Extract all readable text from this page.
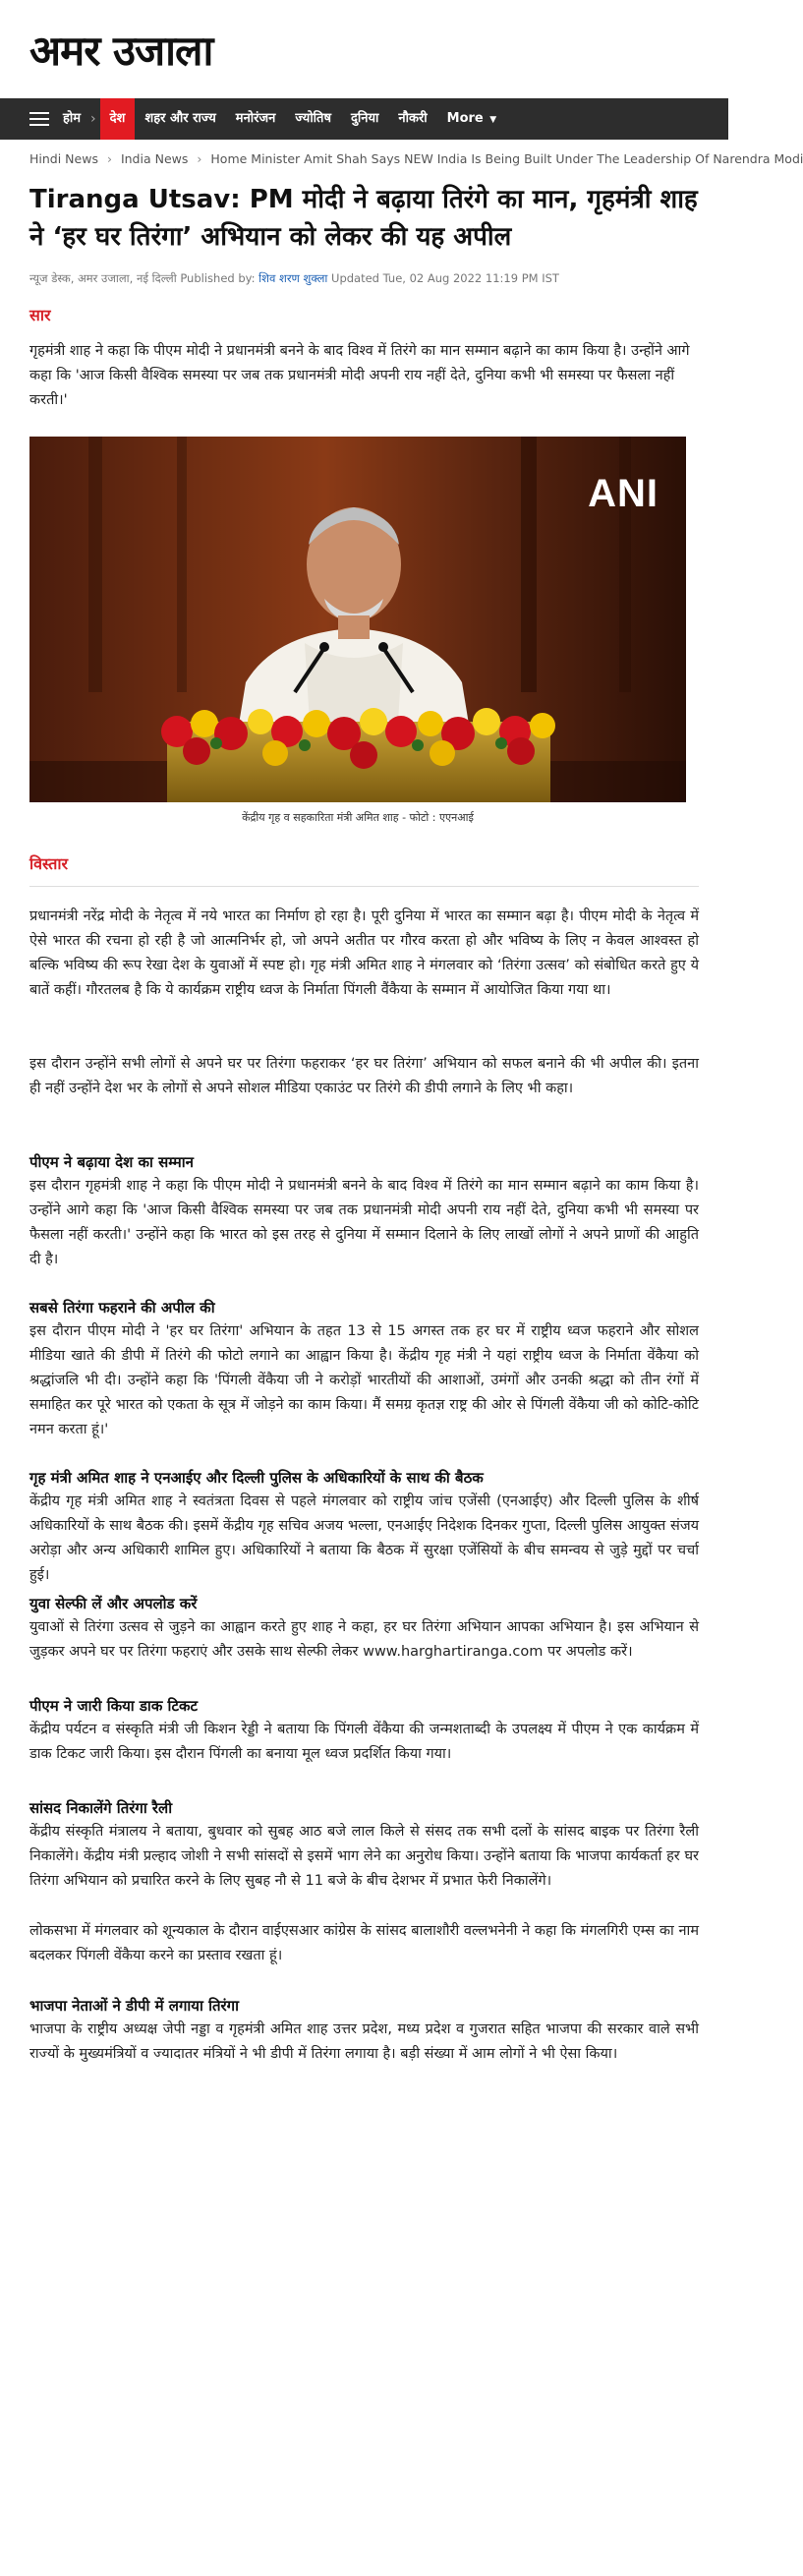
अमर उजाला
होम ›	देश	शहर और राज्य	मनोरंजन	ज्योतिष	दुनिया	नौकरी	More ▼
Hindi News › India News › Home Minister Amit Shah Says NEW India Is Being Built Under The Leadership Of Narendra Modi
Tiranga Utsav: PM मोदी ने बढ़ाया तिरंगे का मान, गृहमंत्री शाह ने ‘हर घर तिरंगा’ अभियान को लेकर की यह अपील
न्यूज डेस्क, अमर उजाला, नई दिल्ली Published by: शिव शरण शुक्ला Updated Tue, 02 Aug 2022 11:19 PM IST
सार

गृहमंत्री शाह ने कहा कि पीएम मोदी ने प्रधानमंत्री बनने के बाद विश्व में तिरंगे का मान सम्मान बढ़ाने का काम किया है। उन्होंने आगे कहा कि 'आज किसी वैश्विक समस्या पर जब तक प्रधानमंत्री मोदी अपनी राय नहीं देते, दुनिया कभी भी समस्या पर फैसला नहीं करती।'

ANI
केंद्रीय गृह व सहकारिता मंत्री अमित शाह - फोटो : एएनआई
विस्तार

प्रधानमंत्री नरेंद्र मोदी के नेतृत्व में नये भारत का निर्माण हो रहा है। पूरी दुनिया में भारत का सम्मान बढ़ा है। पीएम मोदी के नेतृत्व में ऐसे भारत की रचना हो रही है जो आत्मनिर्भर हो, जो अपने अतीत पर गौरव करता हो और भविष्य के लिए न केवल आश्वस्त हो बल्कि भविष्य की रूप रेखा देश के युवाओं में स्पष्ट हो। गृह मंत्री अमित शाह ने मंगलवार को ‘तिरंगा उत्सव’ को संबोधित करते हुए ये बातें कहीं। गौरतलब है कि ये कार्यक्रम राष्ट्रीय ध्वज के निर्माता पिंगली वैंकैया के सम्मान में आयोजित किया गया था।

इस दौरान उन्होंने सभी लोगों से अपने घर पर तिरंगा फहराकर ‘हर घर तिरंगा’ अभियान को सफल बनाने की भी अपील की। इतना ही नहीं उन्होंने देश भर के लोगों से अपने सोशल मीडिया एकाउंट पर तिरंगे की डीपी लगाने के लिए भी कहा।

पीएम ने बढ़ाया देश का सम्मान

इस दौरान गृहमंत्री शाह ने कहा कि पीएम मोदी ने प्रधानमंत्री बनने के बाद विश्व में तिरंगे का मान सम्मान बढ़ाने का काम किया है। उन्होंने आगे कहा कि 'आज किसी वैश्विक समस्या पर जब तक प्रधानमंत्री मोदी अपनी राय नहीं देते, दुनिया कभी भी समस्या पर फैसला नहीं करती।' उन्होंने कहा कि भारत को इस तरह से दुनिया में सम्मान दिलाने के लिए लाखों लोगों ने अपने प्राणों की आहुति दी है।

सबसे तिरंगा फहराने की अपील की

इस दौरान पीएम मोदी ने 'हर घर तिरंगा' अभियान के तहत 13 से 15 अगस्त तक हर घर में राष्ट्रीय ध्वज फहराने और सोशल मीडिया खाते की डीपी में तिरंगे की फोटो लगाने का आह्वान किया है। केंद्रीय गृह मंत्री ने यहां राष्ट्रीय ध्वज के निर्माता वेंकैया को श्रद्धांजलि भी दी। उन्होंने कहा कि 'पिंगली वेंकैया जी ने करोड़ों भारतीयों की आशाओं, उमंगों और उनकी श्रद्धा को तीन रंगों में समाहित कर पूरे भारत को एकता के सूत्र में जोड़ने का काम किया। मैं समग्र कृतज्ञ राष्ट्र की ओर से पिंगली वेंकैया जी को कोटि-कोटि नमन करता हूं।'

गृह मंत्री अमित शाह ने एनआईए और दिल्ली पुलिस के अधिकारियों के साथ की बैठक

केंद्रीय गृह मंत्री अमित शाह ने स्वतंत्रता दिवस से पहले मंगलवार को राष्ट्रीय जांच एजेंसी (एनआईए) और दिल्ली पुलिस के शीर्ष अधिकारियों के साथ बैठक की। इसमें केंद्रीय गृह सचिव अजय भल्ला, एनआईए निदेशक दिनकर गुप्ता, दिल्ली पुलिस आयुक्त संजय अरोड़ा और अन्य अधिकारी शामिल हुए। अधिकारियों ने बताया कि बैठक में सुरक्षा एजेंसियों के बीच समन्वय से जुड़े मुद्दों पर चर्चा हुई।

युवा सेल्फी लें और अपलोड करें

युवाओं से तिरंगा उत्सव से जुड़ने का आह्वान करते हुए शाह ने कहा, हर घर तिरंगा अभियान आपका अभियान है। इस अभियान से जुड़कर अपने घर पर तिरंगा फहराएं और उसके साथ सेल्फी लेकर www.harghartiranga.com पर अपलोड करें।

पीएम ने जारी किया डाक टिकट

केंद्रीय पर्यटन व संस्कृति मंत्री जी किशन रेड्डी ने बताया कि पिंगली वेंकैया की जन्मशताब्दी के उपलक्ष्य में पीएम ने एक कार्यक्रम में डाक टिकट जारी किया। इस दौरान पिंगली का बनाया मूल ध्वज प्रदर्शित किया गया।

सांसद निकालेंगे तिरंगा रैली

केंद्रीय संस्कृति मंत्रालय ने बताया, बुधवार को सुबह आठ बजे लाल किले से संसद तक सभी दलों के सांसद बाइक पर तिरंगा रैली निकालेंगे। केंद्रीय मंत्री प्रल्हाद जोशी ने सभी सांसदों से इसमें भाग लेने का अनुरोध किया। उन्होंने बताया कि भाजपा कार्यकर्ता हर घर तिरंगा अभियान को प्रचारित करने के लिए सुबह नौ से 11 बजे के बीच देशभर में प्रभात फेरी निकालेंगे।

लोकसभा में मंगलवार को शून्यकाल के दौरान वाईएसआर कांग्रेस के सांसद बालाशौरी वल्लभनेनी ने कहा कि मंगलगिरी एम्स का नाम बदलकर पिंगली वेंकैया करने का प्रस्ताव रखता हूं।

भाजपा नेताओं ने डीपी में लगाया तिरंगा

भाजपा के राष्ट्रीय अध्यक्ष जेपी नड्डा व गृहमंत्री अमित शाह उत्तर प्रदेश, मध्य प्रदेश व गुजरात सहित भाजपा की सरकार वाले सभी राज्यों के मुख्यमंत्रियों व ज्यादातर मंत्रियों ने भी डीपी में तिरंगा लगाया है। बड़ी संख्या में आम लोगों ने भी ऐसा किया।
